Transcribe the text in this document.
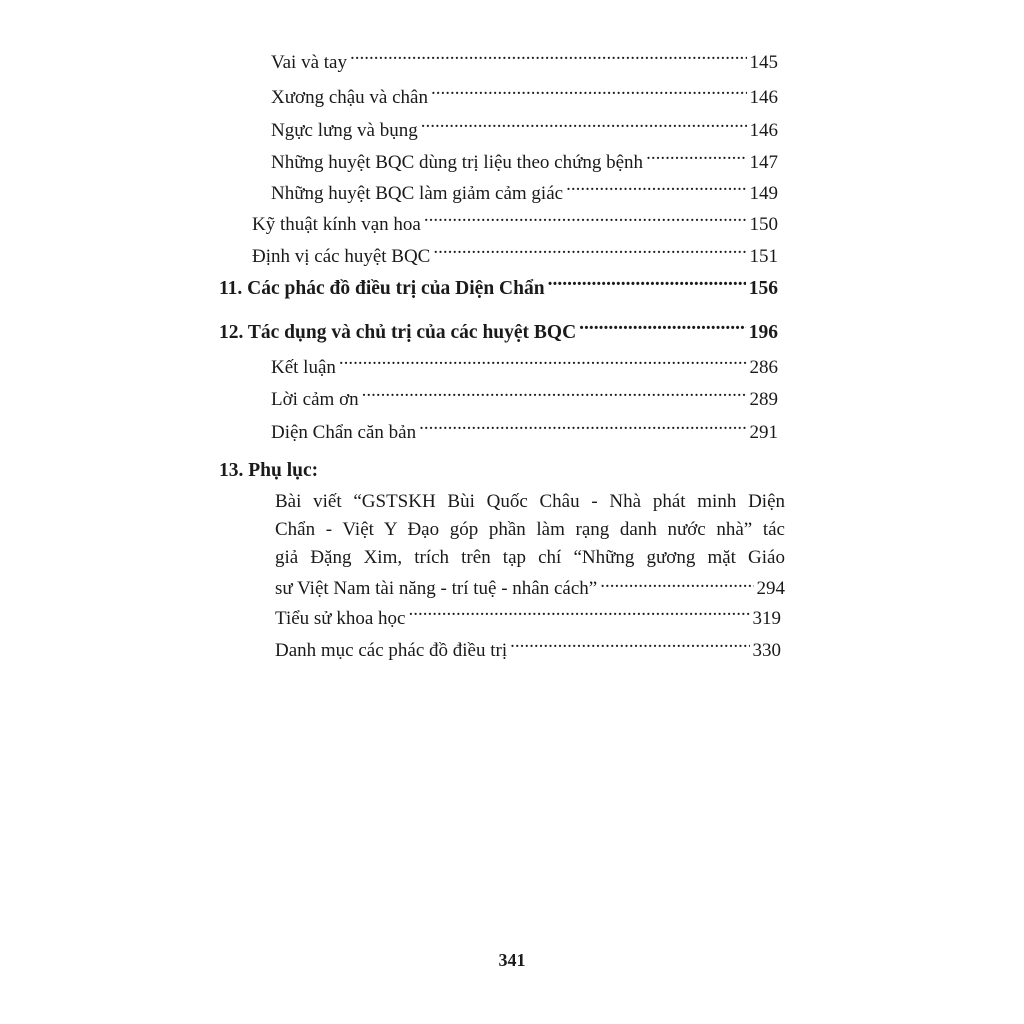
Vai và tay .....	145
Xương chậu và chân .....	146
Ngực lưng và bụng .....	146
Những huyệt BQC dùng trị liệu theo chứng bệnh .....	147
Những huyệt BQC làm giảm cảm giác .....	149
Kỹ thuật kính vạn hoa .....	150
Định vị các huyệt BQC .....	151
11. Các phác đồ điều trị của Diện Chẩn .....	156
12. Tác dụng và chủ trị của các huyệt BQC .....	196
Kết luận .....	286
Lời cảm ơn .....	289
Diện Chẩn căn bản .....	291
13. Phụ lục:
Bài viết “GSTSKH Bùi Quốc Châu - Nhà phát minh Diện
Chẩn - Việt Y Đạo góp phần làm rạng danh nước nhà” tác
giả Đặng Xim, trích trên tạp chí “Những gương mặt Giáo
sư Việt Nam tài năng - trí tuệ - nhân cách” .....	294
Tiểu sử khoa học .....	319
Danh mục các phác đồ điều trị .....	330
341
